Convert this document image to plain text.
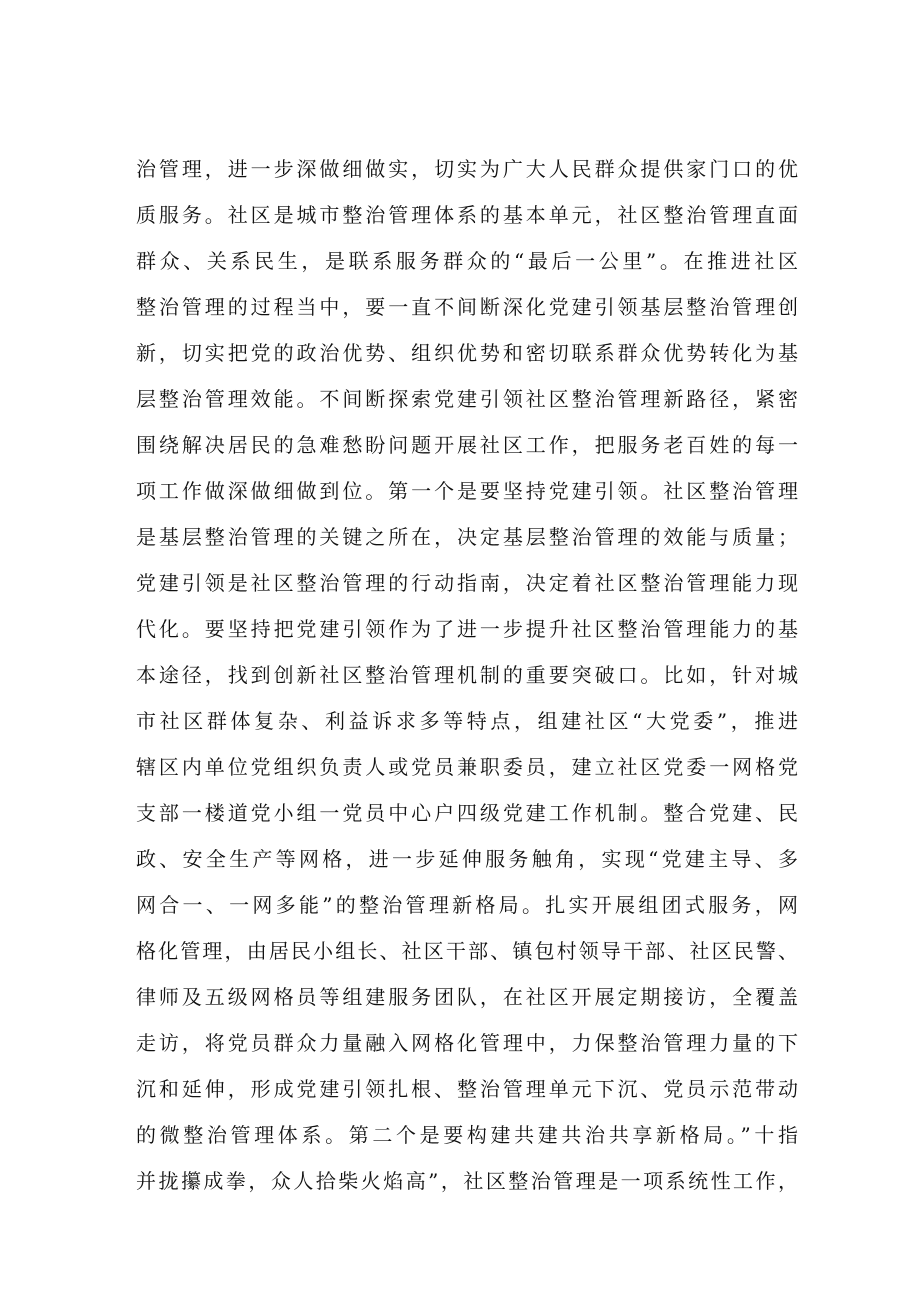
治管理，进一步深做细做实，切实为广大人民群众提供家门口的优
质服务。社区是城市整治管理体系的基本单元，社区整治管理直面
群众、关系民生，是联系服务群众的“最后一公里”。在推进社区
整治管理的过程当中，要一直不间断深化党建引领基层整治管理创
新，切实把党的政治优势、组织优势和密切联系群众优势转化为基
层整治管理效能。不间断探索党建引领社区整治管理新路径，紧密
围绕解决居民的急难愁盼问题开展社区工作，把服务老百姓的每一
项工作做深做细做到位。第一个是要坚持党建引领。社区整治管理
是基层整治管理的关键之所在，决定基层整治管理的效能与质量；
党建引领是社区整治管理的行动指南，决定着社区整治管理能力现
代化。要坚持把党建引领作为了进一步提升社区整治管理能力的基
本途径，找到创新社区整治管理机制的重要突破口。比如，针对城
市社区群体复杂、利益诉求多等特点，组建社区“大党委”，推进
辖区内单位党组织负责人或党员兼职委员，建立社区党委一网格党
支部一楼道党小组一党员中心户四级党建工作机制。整合党建、民
政、安全生产等网格，进一步延伸服务触角，实现“党建主导、多
网合一、一网多能”的整治管理新格局。扎实开展组团式服务，网
格化管理，由居民小组长、社区干部、镇包村领导干部、社区民警、
律师及五级网格员等组建服务团队，在社区开展定期接访，全覆盖
走访，将党员群众力量融入网格化管理中，力保整治管理力量的下
沉和延伸，形成党建引领扎根、整治管理单元下沉、党员示范带动
的微整治管理体系。第二个是要构建共建共治共享新格局。”十指
并拢攥成拳，众人拾柴火焰高”，社区整治管理是一项系统性工作，
